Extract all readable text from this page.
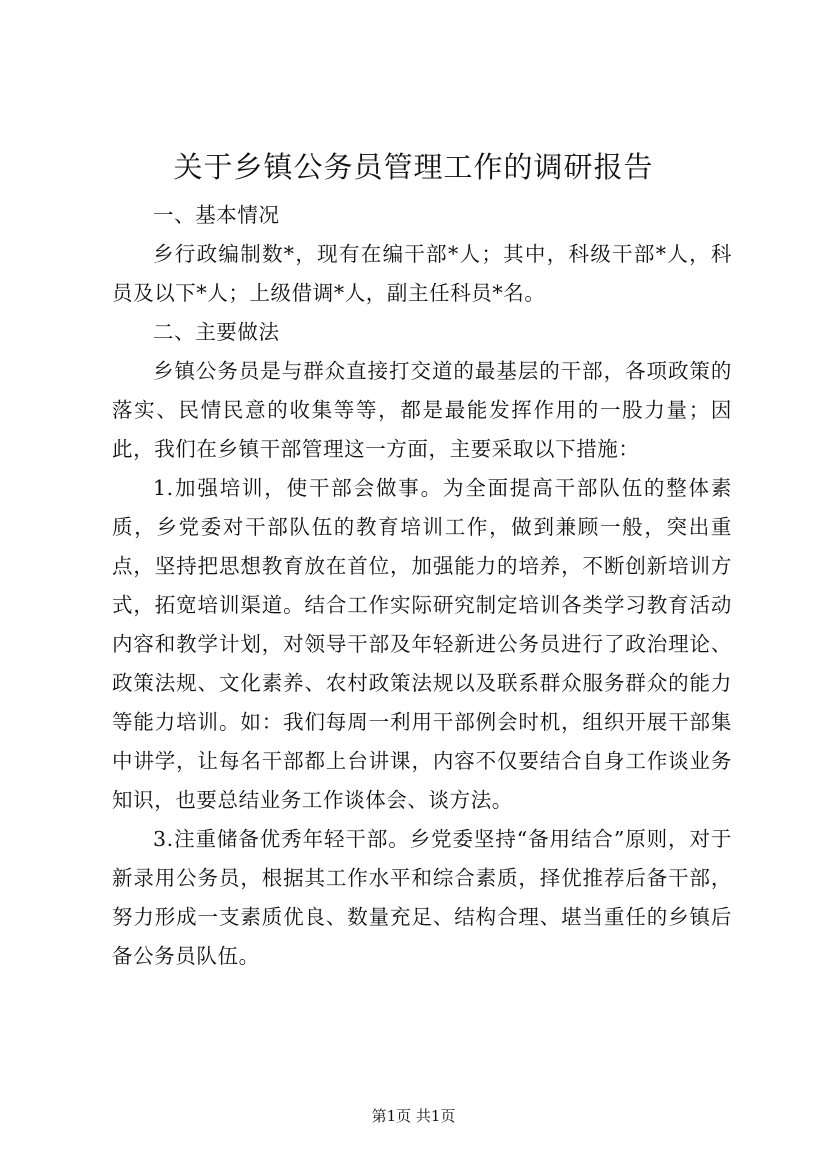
关于乡镇公务员管理工作的调研报告

一、基本情况

乡行政编制数*，现有在编干部*人；其中，科级干部*人，科员及以下*人；上级借调*人，副主任科员*名。

二、主要做法

乡镇公务员是与群众直接打交道的最基层的干部，各项政策的落实、民情民意的收集等等，都是最能发挥作用的一股力量；因此，我们在乡镇干部管理这一方面，主要采取以下措施：

1.加强培训，使干部会做事。为全面提高干部队伍的整体素质，乡党委对干部队伍的教育培训工作，做到兼顾一般，突出重点，坚持把思想教育放在首位，加强能力的培养，不断创新培训方式，拓宽培训渠道。结合工作实际研究制定培训各类学习教育活动内容和教学计划，对领导干部及年轻新进公务员进行了政治理论、政策法规、文化素养、农村政策法规以及联系群众服务群众的能力等能力培训。如：我们每周一利用干部例会时机，组织开展干部集中讲学，让每名干部都上台讲课，内容不仅要结合自身工作谈业务知识，也要总结业务工作谈体会、谈方法。

3.注重储备优秀年轻干部。乡党委坚持“备用结合”原则，对于新录用公务员，根据其工作水平和综合素质，择优推荐后备干部，努力形成一支素质优良、数量充足、结构合理、堪当重任的乡镇后备公务员队伍。

第1页 共1页
